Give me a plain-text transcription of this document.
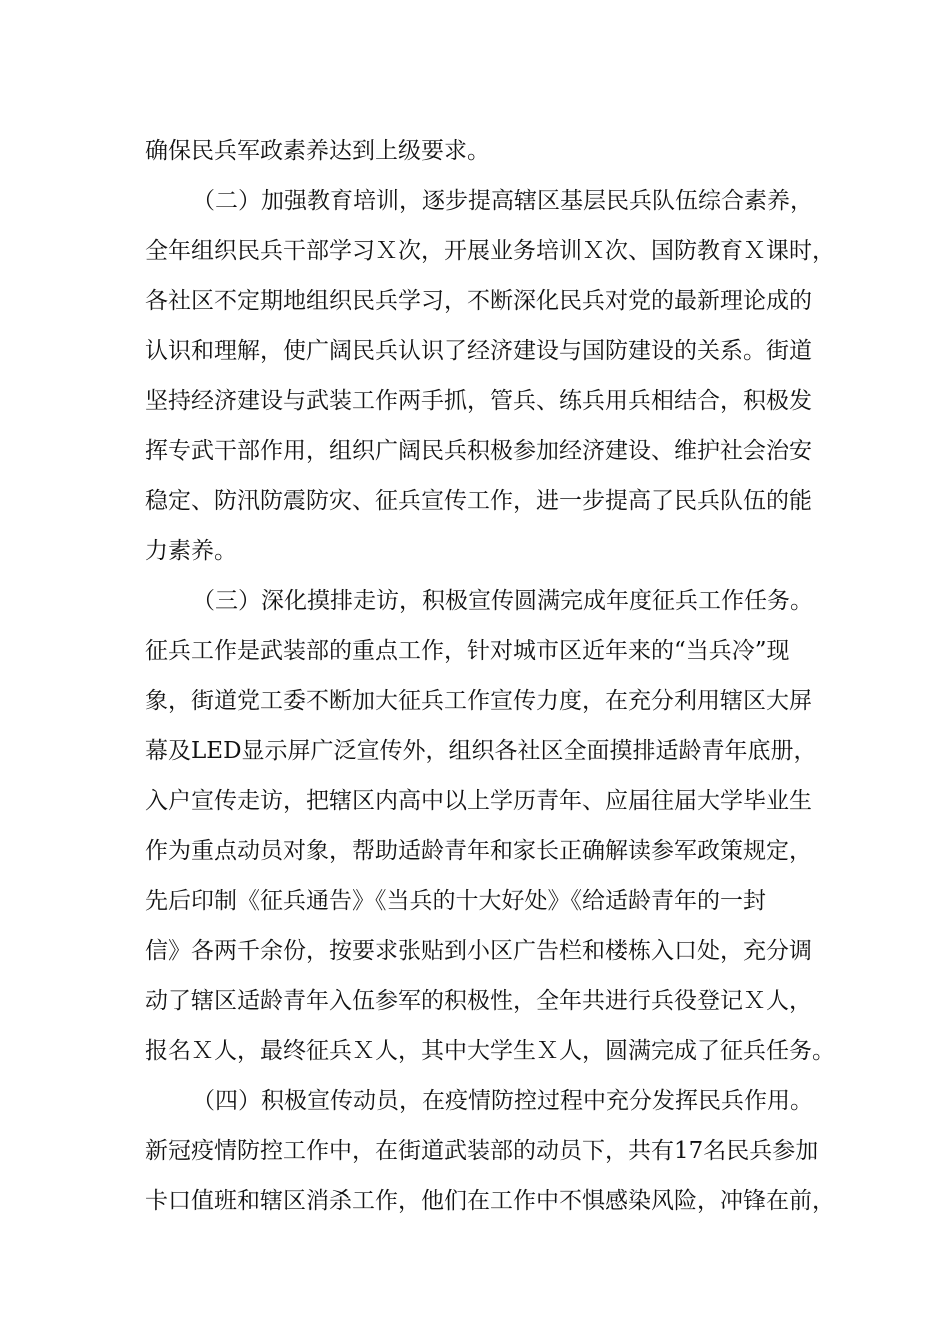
确保民兵军政素养达到上级要求。
（二）加强教育培训，逐步提高辖区基层民兵队伍综合素养，
全年组织民兵干部学习Ｘ次，开展业务培训Ｘ次、国防教育Ｘ课时，
各社区不定期地组织民兵学习，不断深化民兵对党的最新理论成的
认识和理解，使广阔民兵认识了经济建设与国防建设的关系。街道
坚持经济建设与武装工作两手抓，管兵、练兵用兵相结合，积极发
挥专武干部作用，组织广阔民兵积极参加经济建设、维护社会治安
稳定、防汛防震防灾、征兵宣传工作，进一步提高了民兵队伍的能
力素养。
（三）深化摸排走访，积极宣传圆满完成年度征兵工作任务。
征兵工作是武装部的重点工作，针对城市区近年来的“当兵冷”现
象，街道党工委不断加大征兵工作宣传力度，在充分利用辖区大屏
幕及LED显示屏广泛宣传外，组织各社区全面摸排适龄青年底册，
入户宣传走访，把辖区内高中以上学历青年、应届往届大学毕业生
作为重点动员对象，帮助适龄青年和家长正确解读参军政策规定，
先后印制《征兵通告》《当兵的十大好处》《给适龄青年的一封
信》各两千余份，按要求张贴到小区广告栏和楼栋入口处，充分调
动了辖区适龄青年入伍参军的积极性，全年共进行兵役登记Ｘ人，
报名Ｘ人，最终征兵Ｘ人，其中大学生Ｘ人，圆满完成了征兵任务。
（四）积极宣传动员，在疫情防控过程中充分发挥民兵作用。
新冠疫情防控工作中，在街道武装部的动员下，共有17名民兵参加
卡口值班和辖区消杀工作，他们在工作中不惧感染风险，冲锋在前，
